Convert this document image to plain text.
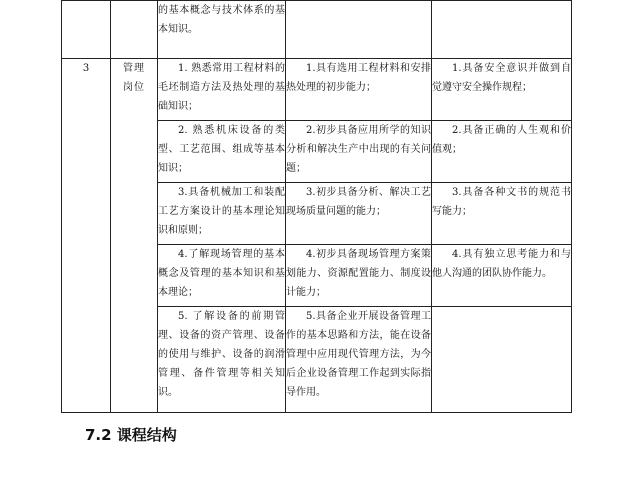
		的基本概念与技术体系的基本知识。		
3	管理岗位	1. 熟悉常用工程材料的毛坯制造方法及热处理的基础知识；	1.具有选用工程材料和安排热处理的初步能力；	1.具备安全意识并做到自觉遵守安全操作规程；
		2. 熟悉机床设备的类型、工艺范围、组成等基本知识；	2.初步具备应用所学的知识分析和解决生产中出现的有关问题；	2.具备正确的人生观和价值观；
		3.具备机械加工和装配工艺方案设计的基本理论知识和原则；	3.初步具备分析、解决工艺现场质量问题的能力；	3.具备各种文书的规范书写能力；
		4.了解现场管理的基本概念及管理的基本知识和基本理论；	4.初步具备现场管理方案策划能力、资源配置能力、制度设计能力；	4.具有独立思考能力和与他人沟通的团队协作能力。
		5. 了解设备的前期管理、设备的资产管理、设备的使用与维护、设备的润滑管理、备件管理等相关知识。	5.具备企业开展设备管理工作的基本思路和方法，能在设备管理中应用现代管理方法，为今后企业设备管理工作起到实际指导作用。	
7.2 课程结构
